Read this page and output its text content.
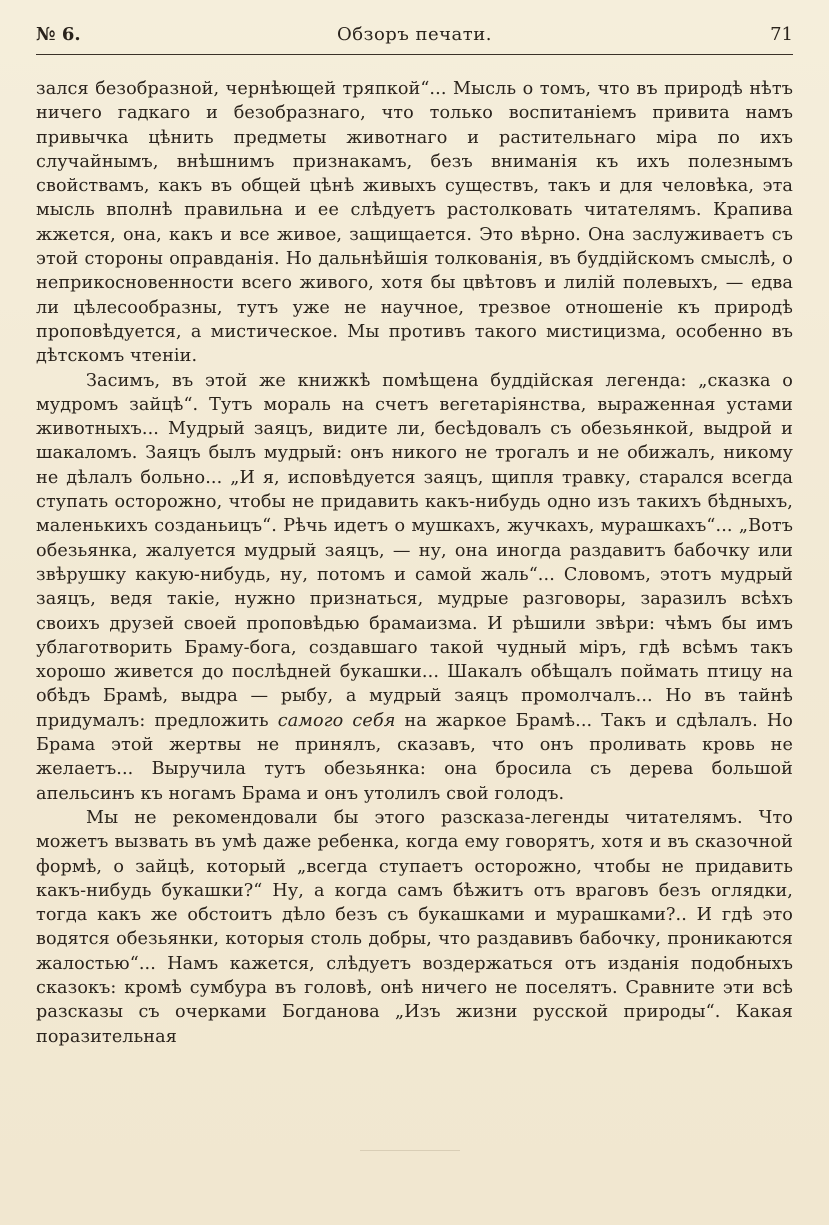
№ 6.	Обзоръ печати.	71

зался безобразной, чернѣющей тряпкой“... Мысль о томъ, что въ природѣ нѣтъ ничего гадкаго и безобразнаго, что только воспитаніемъ привита намъ привычка цѣнить предметы животнаго и растительнаго міра по ихъ случайнымъ, внѣшнимъ признакамъ, безъ вниманія къ ихъ полезнымъ свойствамъ, какъ въ общей цѣнѣ живыхъ существъ, такъ и для человѣка, эта мысль вполнѣ правильна и ее слѣдуетъ растолковать читателямъ. Крапива жжется, она, какъ и все живое, защищается. Это вѣрно. Она заслуживаетъ съ этой стороны оправданія. Но дальнѣйшія толкованія, въ буддійскомъ смыслѣ, о неприкосновенности всего живого, хотя бы цвѣтовъ и лилій полевыхъ, — едва ли цѣлесообразны, тутъ уже не научное, трезвое отношеніе къ природѣ проповѣдуется, а мистическое. Мы противъ такого мистицизма, особенно въ дѣтскомъ чтеніи.

Засимъ, въ этой же книжкѣ помѣщена буддійская легенда: „сказка о мудромъ зайцѣ“. Тутъ мораль на счетъ вегетаріянства, выраженная устами животныхъ... Мудрый заяцъ, видите ли, бесѣдовалъ съ обезьянкой, выдрой и шакаломъ. Заяцъ былъ мудрый: онъ никого не трогалъ и не обижалъ, никому не дѣлалъ больно... „И я, исповѣдуется заяцъ, щипля травку, старался всегда ступать осторожно, чтобы не придавить какъ-нибудь одно изъ такихъ бѣдныхъ, маленькихъ созданьицъ“. Рѣчь идетъ о мушкахъ, жучкахъ, мурашкахъ“... „Вотъ обезьянка, жалуется мудрый заяцъ, — ну, она иногда раздавитъ бабочку или звѣрушку какую-нибудь, ну, потомъ и самой жаль“... Словомъ, этотъ мудрый заяцъ, ведя такіе, нужно признаться, мудрые разговоры, заразилъ всѣхъ своихъ друзей своей проповѣдью брамаизма. И рѣшили звѣри: чѣмъ бы имъ ублаготворить Браму-бога, создавшаго такой чудный міръ, гдѣ всѣмъ такъ хорошо живется до послѣдней букашки... Шакалъ обѣщалъ поймать птицу на обѣдъ Брамѣ, выдра — рыбу, а мудрый заяцъ промолчалъ... Но въ тайнѣ придумалъ: предложить самого себя на жаркое Брамѣ... Такъ и сдѣлалъ. Но Брама этой жертвы не принялъ, сказавъ, что онъ проливать кровь не желаетъ... Выручила тутъ обезьянка: она бросила съ дерева большой апельсинъ къ ногамъ Брама и онъ утолилъ свой голодъ.

Мы не рекомендовали бы этого разсказа-легенды читателямъ. Что можетъ вызвать въ умѣ даже ребенка, когда ему говорятъ, хотя и въ сказочной формѣ, о зайцѣ, который „всегда ступаетъ осторожно, чтобы не придавить какъ-нибудь букашки?“ Ну, а когда самъ бѣжитъ отъ враговъ безъ оглядки, тогда какъ же обстоитъ дѣло безъ съ букашками и мурашками?.. И гдѣ это водятся обезьянки, которыя столь добры, что раздавивъ бабочку, проникаются жалостью“... Намъ кажется, слѣдуетъ воздержаться отъ изданія подобныхъ сказокъ: кромѣ сумбура въ головѣ, онѣ ничего не поселятъ. Сравните эти всѣ разсказы съ очерками Богданова „Изъ жизни русской природы“. Какая поразительная
